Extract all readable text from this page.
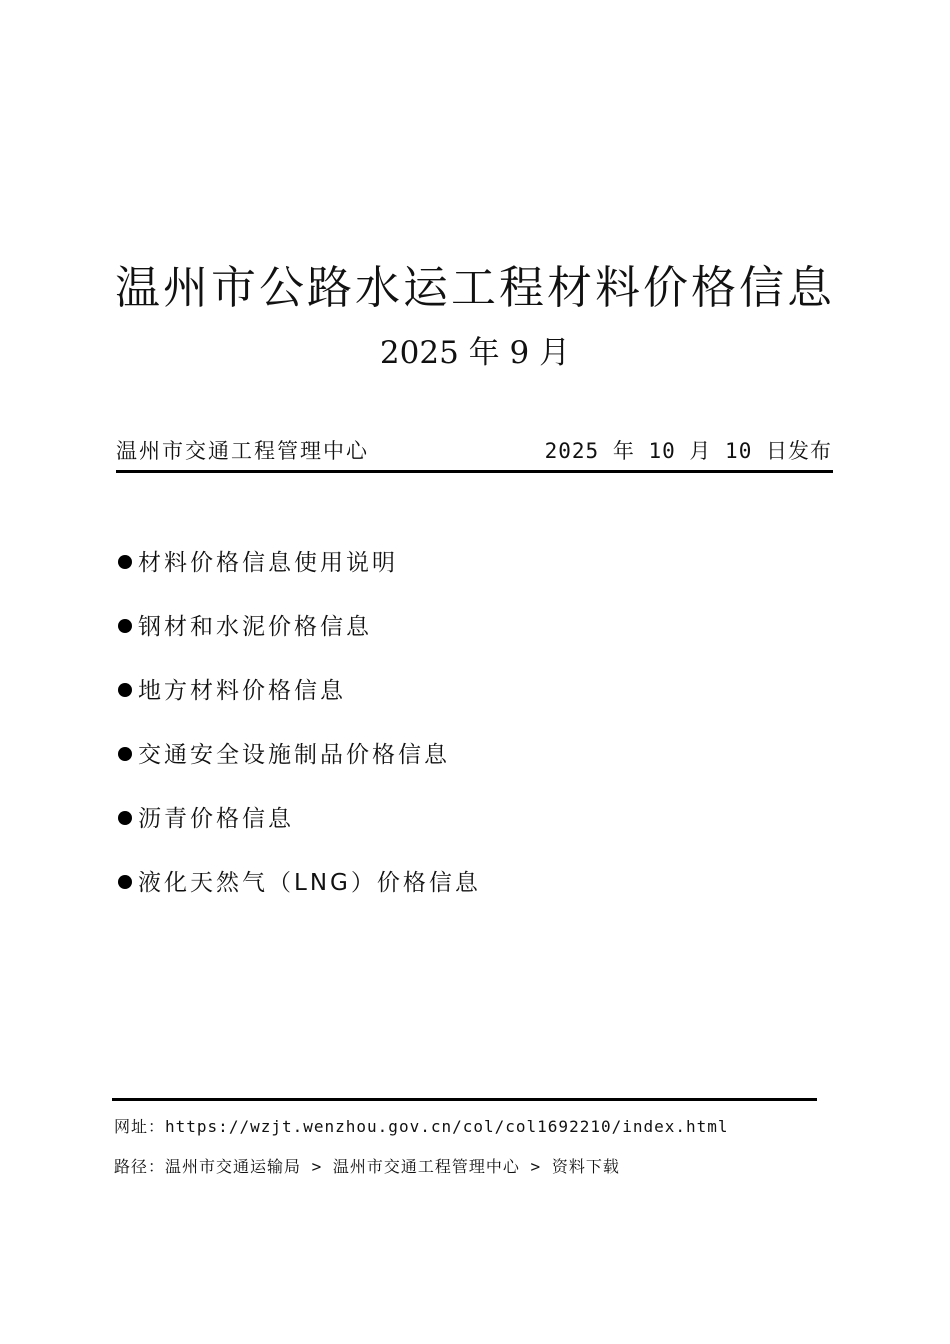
温州市公路水运工程材料价格信息
2025 年 9 月
温州市交通工程管理中心	2025 年 10 月 10 日发布
材料价格信息使用说明
钢材和水泥价格信息
地方材料价格信息
交通安全设施制品价格信息
沥青价格信息
液化天然气（LNG）价格信息
网址：https://wzjt.wenzhou.gov.cn/col/col1692210/index.html
路径：温州市交通运输局 > 温州市交通工程管理中心 > 资料下载
